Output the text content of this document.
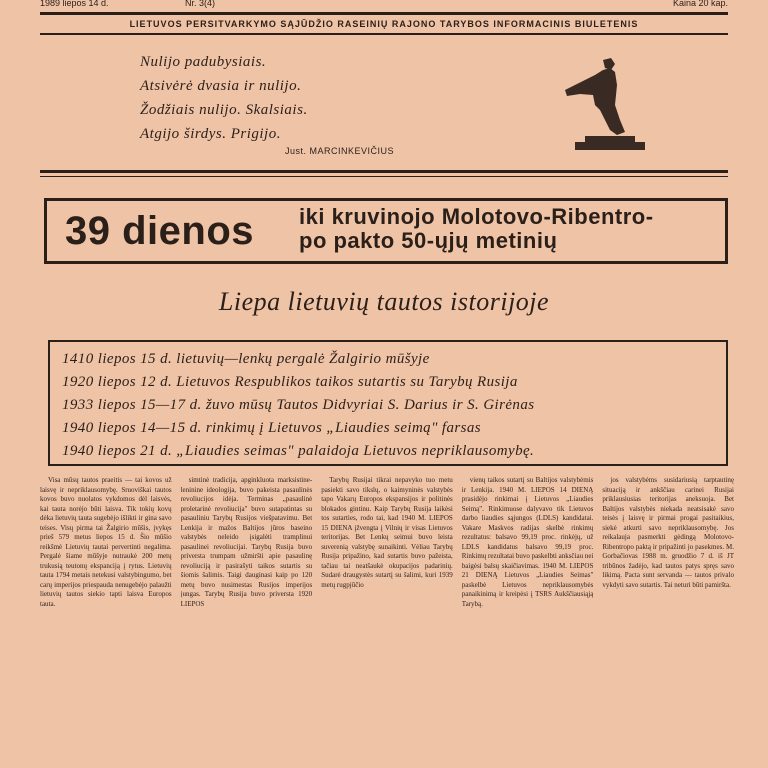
1989 liepos 14 d.	Nr. 3(4)	Kaina 20 kap.
LIETUVOS PERSITVARKYMO SĄJŪDŽIO RASEINIŲ RAJONO TARYBOS INFORMACINIS BIULETENIS
Nulijo padubysiais.
Atsivėrė dvasia ir nulijo.
Žodžiais nulijo. Skalsiais.
Atgijo širdys. Prigijo.
Just. MARCINKEVIČIUS
39 dienos iki kruvinojo Molotovo-Ribentro-
po pakto 50-ųjų metinių
Liepa lietuvių tautos istorijoje
1410 liepos 15 d. lietuvių—lenkų pergalė Žalgirio mūšyje
1920 liepos 12 d. Lietuvos Respublikos taikos sutartis su Tarybų Rusija
1933 liepos 15—17 d. žuvo mūsų Tautos Didvyriai S. Darius ir S. Girėnas
1940 liepos 14—15 d. rinkimų į Lietuvos „Liaudies seimą" farsas
1940 liepos 21 d. „Liaudies seimas" palaidoja Lietuvos nepriklausomybę.

Visa mūsų tautos praeitis — tai kovos už laisvę ir nepriklausomybę. Sruoviškai tautos kovos buvo nuolatos vykdomos dėl laisvės, kai tauta norėjo būti laisva. Tik tokių kovų dėka lietuvių tauta sugebėjo išlikti ir gina savo teises. Visų pirma tai Žalgirio mūšis, įvykęs prieš 579 metus liepos 15 d. Šio mūšio reikšmė Lietuvių tautai pervertinti negalima. Pergalė šiame mūšyje nutraukė 200 metų trukusią teutonų ekspanciją į rytus. Lietuvių tauta 1794 metais netekusi valstybingumo, bet carų imperijos priespauda nenugebėjo palaužti lietuvių tautos siekio tapti laisva Europos tauta.

simtinė tradicija, apginkluota marksistine-leninine ideologija, buvo pakeista pasaulinės revoliucijos idėja. Terminas „pasaulinė proletarinė revoliucija" buvo sutapatintas su pasauliniu Tarybų Rusijos viešpatavimu. Bet Lenkija ir mažos Baltijos jūros baseino valstybės neleido įsigalėti tramplinui pasaulinei revoliucijai. Tarybų Rusija buvo priversta trumpam užmiršti apie pasaulinę revoliuciją ir pasirašyti taikos sutartis su šiomis šalimis. Taigi dauginasi kaip po 120 metų buvo nusimestas Rusijos imperijos jungas. Tarybų Rusija buvo priversta 1920 LIEPOS

Tarybų Rusijai tikrai nepavyko tuo metu pasiekti savo tikslų, o kaimyninės valstybės tapo Vakarų Europos ekspansijos ir politinės blokados gintinu. Kaip Tarybų Rusija laikėsi tos sutarties, rodo tai, kad 1940 M. LIEPOS 15 DIENA įžvengta į Vilnių ir visas Lietuvos teritorijas. Bet Lenkų seimui buvo leista suverenią valstybę sunaikinti. Vėliau Tarybų Rusija pripažino, kad sutartis buvo pažeista, tačiau tai neatšaukė okupacijos padarinių. Sudarė draugystės sutartį su šalimi, kuri 1939 metų rugpjūčio

vienų taikos sutartį su Baltijos valstybėmis ir Lenkija. 1940 M. LIEPOS 14 DIENĄ prasidėjo rinkimai į Lietuvos „Liaudies Seimą". Rinkimuose dalyvavo tik Lietuvos darbo liaudies sąjungos (LDLS) kandidatai. Vakare Maskvos radijas skelbė rinkimų rezultatus: balsavo 99,19 proc. rinkėjų, už LDLS kandidatus balsavo 99,19 proc. Rinkimų rezultatai buvo paskelbti anksčiau nei baigėsi balsų skaičiavimas. 1940 M. LIEPOS 21 DIENĄ Lietuvos „Liaudies Seimas" paskelbė Lietuvos nepriklausomybės panaikinimą ir kreipėsi į TSRS Aukščiausiąją Tarybą.

jos valstybėms susidariusią tarptautinę situaciją ir ankščiau carinei Rusijai priklausiusias teritorijas aneksuoja. Bet Baltijos valstybės niekada neatsisakė savo teisės į laisvę ir pirmai progai pasitaikius, siekė atkurti savo nepriklausomybę. Jos reikalauja pasmerkti gėdingą Molotovo-Ribentropo paktą ir pripažinti jo pasekmes. M. Gorbačiovas 1988 m. gruodžio 7 d. iš JT tribūnos žadėjo, kad tautos patys spręs savo likimą. Pacta sunt servanda — tautos privalo vykdyti savo sutartis. Tai neturi būti pamiršta.
